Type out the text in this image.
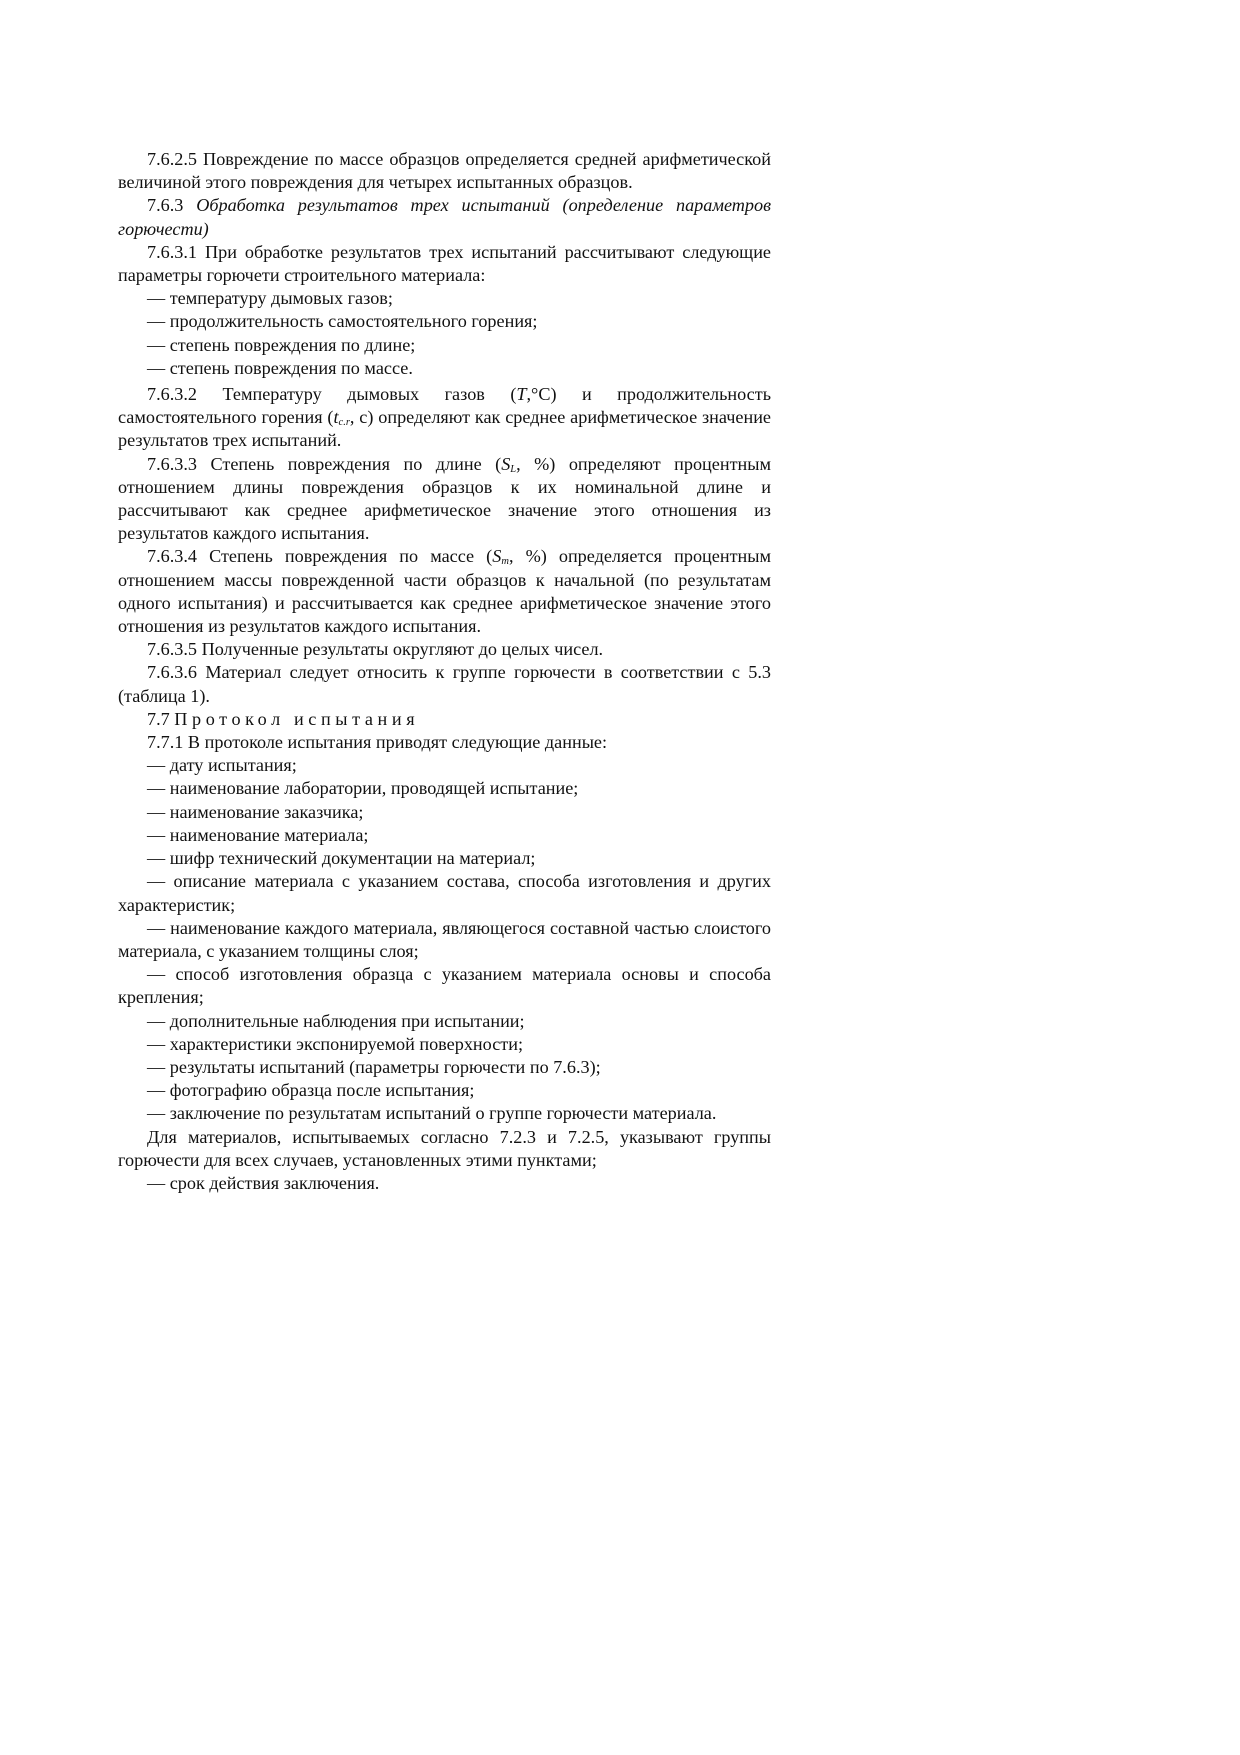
7.6.2.5 Повреждение по массе образцов определяется средней арифметической величиной этого повреждения для четырех испытанных образцов.

7.6.3 Обработка результатов трех испытаний (определение параметров горючести)

7.6.3.1 При обработке результатов трех испытаний рассчитывают следующие параметры горючети строительного материала:

— температуру дымовых газов;

— продолжительность самостоятельного горения;

— степень повреждения по длине;

— степень повреждения по массе.

7.6.3.2 Температуру дымовых газов (T,°С) и продолжительность самостоятельного горения ($t_{c.r}$, с) определяют как среднее арифметическое значение результатов трех испытаний.

7.6.3.3 Степень повреждения по длине ($S_L$, %) определяют процентным отношением длины повреждения образцов к их номинальной длине и рассчитывают как среднее арифметическое значение этого отношения из результатов каждого испытания.

7.6.3.4 Степень повреждения по массе ($S_m$, %) определяется процентным отношением массы поврежденной части образцов к начальной (по результатам одного испытания) и рассчитывается как среднее арифметическое значение этого отношения из результатов каждого испытания.

7.6.3.5 Полученные результаты округляют до целых чисел.

7.6.3.6 Материал следует относить к группе горючести в соответствии с 5.3 (таблица 1).

7.7 Протокол испытания

7.7.1 В протоколе испытания приводят следующие данные:

— дату испытания;

— наименование лаборатории, проводящей испытание;

— наименование заказчика;

— наименование материала;

— шифр технический документации на материал;

— описание материала с указанием состава, способа изготовления и других характеристик;

— наименование каждого материала, являющегося составной частью слоистого материала, с указанием толщины слоя;

— способ изготовления образца с указанием материала основы и способа крепления;

— дополнительные наблюдения при испытании;

— характеристики экспонируемой поверхности;

— результаты испытаний (параметры горючести по 7.6.3);

— фотографию образца после испытания;

— заключение по результатам испытаний о группе горючести материала.

Для материалов, испытываемых согласно 7.2.3 и 7.2.5, указывают группы горючести для всех случаев, установленных этими пунктами;

— срок действия заключения.
